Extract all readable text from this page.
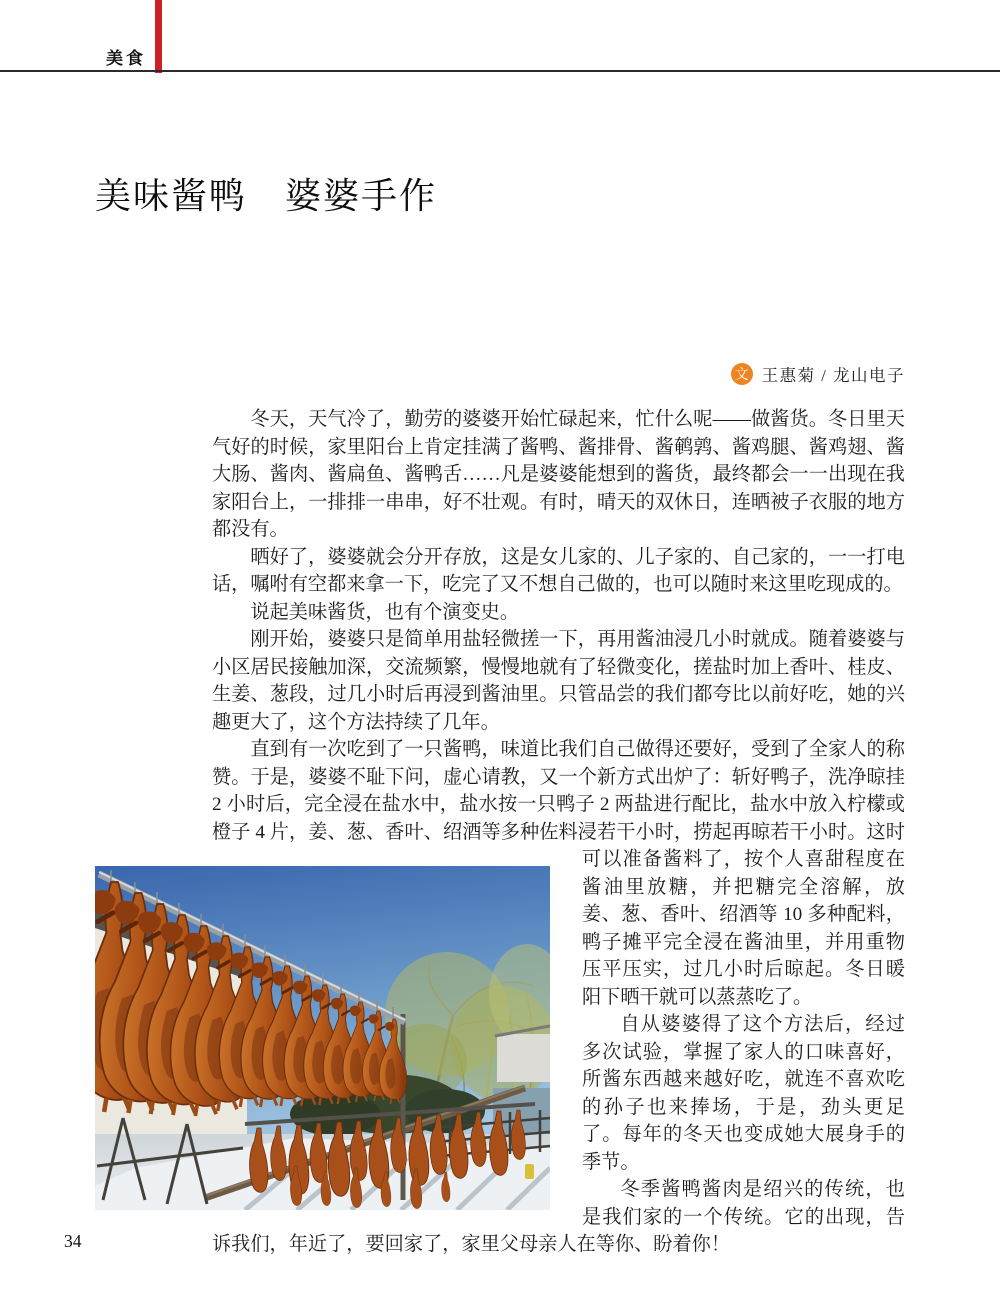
美食
美味酱鸭　婆婆手作
文 王惠菊 / 龙山电子

冬天，天气冷了，勤劳的婆婆开始忙碌起来，忙什么呢——做酱货。冬日里天气好的时候，家里阳台上肯定挂满了酱鸭、酱排骨、酱鹌鹑、酱鸡腿、酱鸡翅、酱大肠、酱肉、酱扁鱼、酱鸭舌……凡是婆婆能想到的酱货，最终都会一一出现在我家阳台上，一排排一串串，好不壮观。有时，晴天的双休日，连晒被子衣服的地方都没有。

晒好了，婆婆就会分开存放，这是女儿家的、儿子家的、自己家的，一一打电话，嘱咐有空都来拿一下，吃完了又不想自己做的，也可以随时来这里吃现成的。

说起美味酱货，也有个演变史。

刚开始，婆婆只是简单用盐轻微搓一下，再用酱油浸几小时就成。随着婆婆与小区居民接触加深，交流频繁，慢慢地就有了轻微变化，搓盐时加上香叶、桂皮、生姜、葱段，过几小时后再浸到酱油里。只管品尝的我们都夸比以前好吃，她的兴趣更大了，这个方法持续了几年。

直到有一次吃到了一只酱鸭，味道比我们自己做得还要好，受到了全家人的称赞。于是，婆婆不耻下问，虚心请教，又一个新方式出炉了：斩好鸭子，洗净晾挂 2 小时后，完全浸在盐水中，盐水按一只鸭子 2 两盐进行配比，盐水中放入柠檬或橙子 4 片，姜、葱、香叶、绍酒等多种佐料浸若干小时，捞起再晾若干小时。这时可以准备酱料了，按个人
喜甜程度在酱油里放糖，并把糖完全溶解，放姜、葱、香叶、绍酒等 10 多种配料，鸭子摊平完全浸在酱油里，并用重物压平压实，过几小时后晾起。冬日暖阳下晒干就可以蒸蒸吃了。

自从婆婆得了这个方法后，经过多次试验，掌握了家人的口味喜好，所酱东西越来越好吃，就连不喜欢吃的孙子也来捧场，于是，劲头更足了。每年的冬天也变成她大展身手的季节。

冬季酱鸭酱肉是绍兴的传统，也是我们家的一个传统。它的出现，告诉我们，年近了，要回家了，家里父母亲人在等你、盼着你！

34
